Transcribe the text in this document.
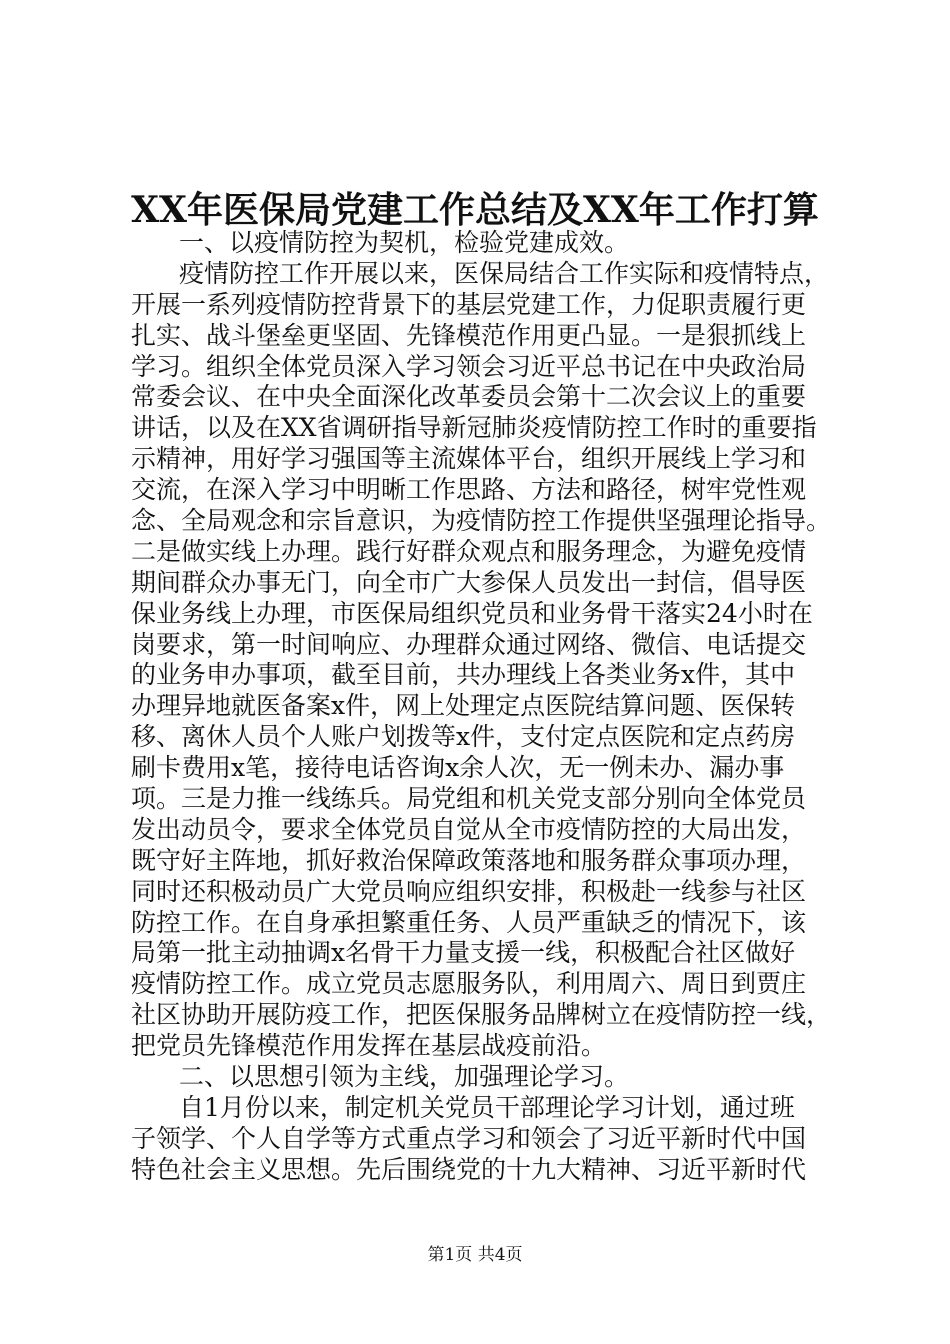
XX年医保局党建工作总结及XX年工作打算
一、以疫情防控为契机，检验党建成效。
疫情防控工作开展以来，医保局结合工作实际和疫情特点，
开展一系列疫情防控背景下的基层党建工作，力促职责履行更
扎实、战斗堡垒更坚固、先锋模范作用更凸显。一是狠抓线上
学习。组织全体党员深入学习领会习近平总书记在中央政治局
常委会议、在中央全面深化改革委员会第十二次会议上的重要
讲话，以及在XX省调研指导新冠肺炎疫情防控工作时的重要指
示精神，用好学习强国等主流媒体平台，组织开展线上学习和
交流，在深入学习中明晰工作思路、方法和路径，树牢党性观
念、全局观念和宗旨意识，为疫情防控工作提供坚强理论指导。
二是做实线上办理。践行好群众观点和服务理念，为避免疫情
期间群众办事无门，向全市广大参保人员发出一封信，倡导医
保业务线上办理，市医保局组织党员和业务骨干落实24小时在
岗要求，第一时间响应、办理群众通过网络、微信、电话提交
的业务申办事项，截至目前，共办理线上各类业务x件，其中
办理异地就医备案x件，网上处理定点医院结算问题、医保转
移、离休人员个人账户划拨等x件，支付定点医院和定点药房
刷卡费用x笔，接待电话咨询x余人次，无一例未办、漏办事
项。三是力推一线练兵。局党组和机关党支部分别向全体党员
发出动员令，要求全体党员自觉从全市疫情防控的大局出发，
既守好主阵地，抓好救治保障政策落地和服务群众事项办理，
同时还积极动员广大党员响应组织安排，积极赴一线参与社区
防控工作。在自身承担繁重任务、人员严重缺乏的情况下，该
局第一批主动抽调x名骨干力量支援一线，积极配合社区做好
疫情防控工作。成立党员志愿服务队，利用周六、周日到贾庄
社区协助开展防疫工作，把医保服务品牌树立在疫情防控一线，
把党员先锋模范作用发挥在基层战疫前沿。
二、以思想引领为主线，加强理论学习。
自1月份以来，制定机关党员干部理论学习计划，通过班
子领学、个人自学等方式重点学习和领会了习近平新时代中国
特色社会主义思想。先后围绕党的十九大精神、习近平新时代
第1页 共4页
